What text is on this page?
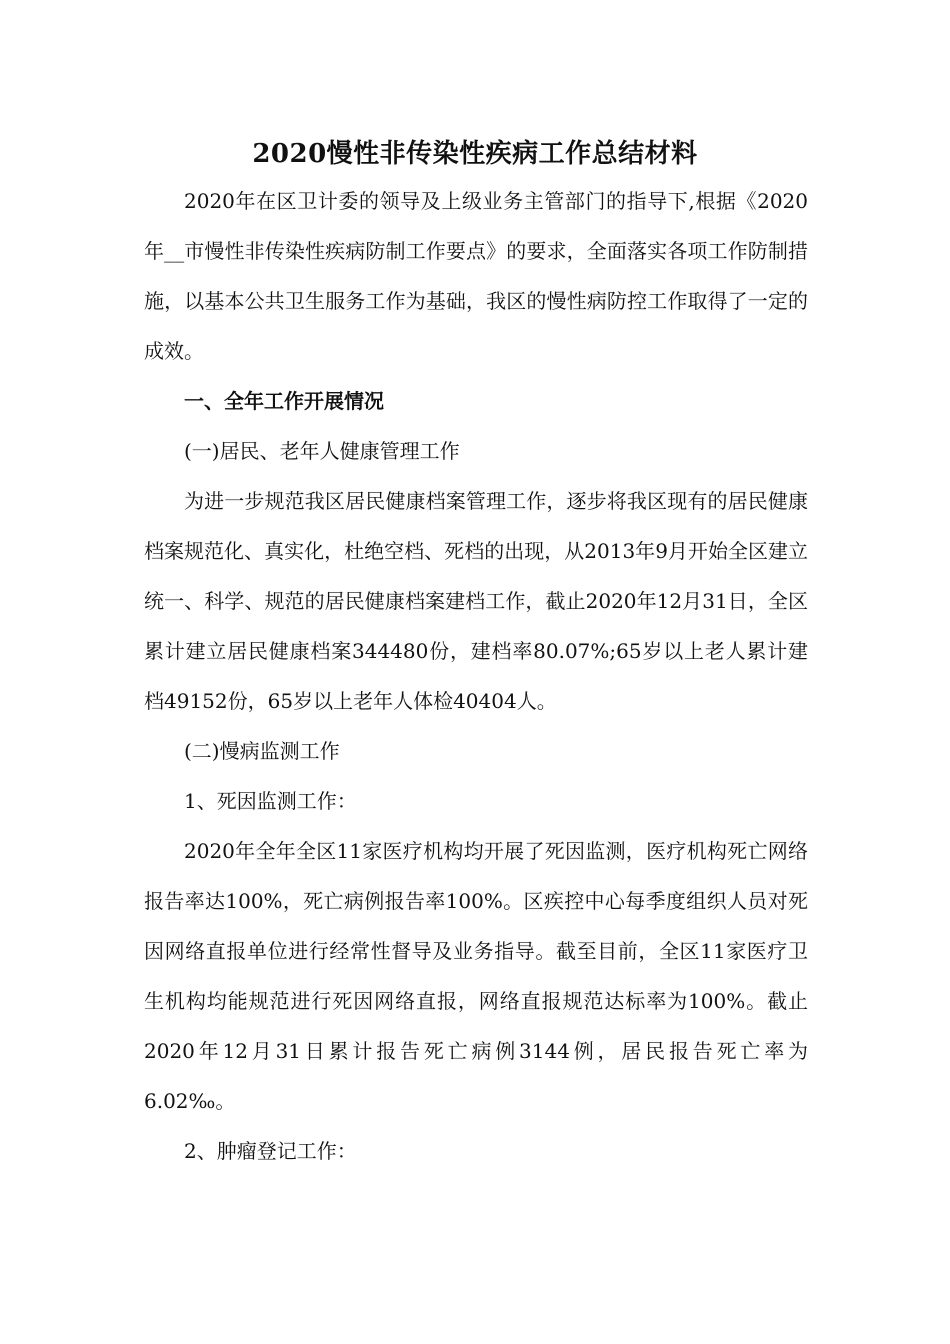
2020慢性非传染性疾病工作总结材料

2020年在区卫计委的领导及上级业务主管部门的指导下,根据《2020年__市慢性非传染性疾病防制工作要点》的要求，全面落实各项工作防制措施，以基本公共卫生服务工作为基础，我区的慢性病防控工作取得了一定的成效。

一、全年工作开展情况

(一)居民、老年人健康管理工作

为进一步规范我区居民健康档案管理工作，逐步将我区现有的居民健康档案规范化、真实化，杜绝空档、死档的出现，从2013年9月开始全区建立统一、科学、规范的居民健康档案建档工作，截止2020年12月31日，全区累计建立居民健康档案344480份，建档率80.07%;65岁以上老人累计建档49152份，65岁以上老年人体检40404人。

(二)慢病监测工作

1、死因监测工作：

2020年全年全区11家医疗机构均开展了死因监测，医疗机构死亡网络报告率达100%，死亡病例报告率100%。区疾控中心每季度组织人员对死因网络直报单位进行经常性督导及业务指导。截至目前，全区11家医疗卫生机构均能规范进行死因网络直报，网络直报规范达标率为100%。截止2020年12月31日累计报告死亡病例3144例，居民报告死亡率为6.02‰。

2、肿瘤登记工作：
